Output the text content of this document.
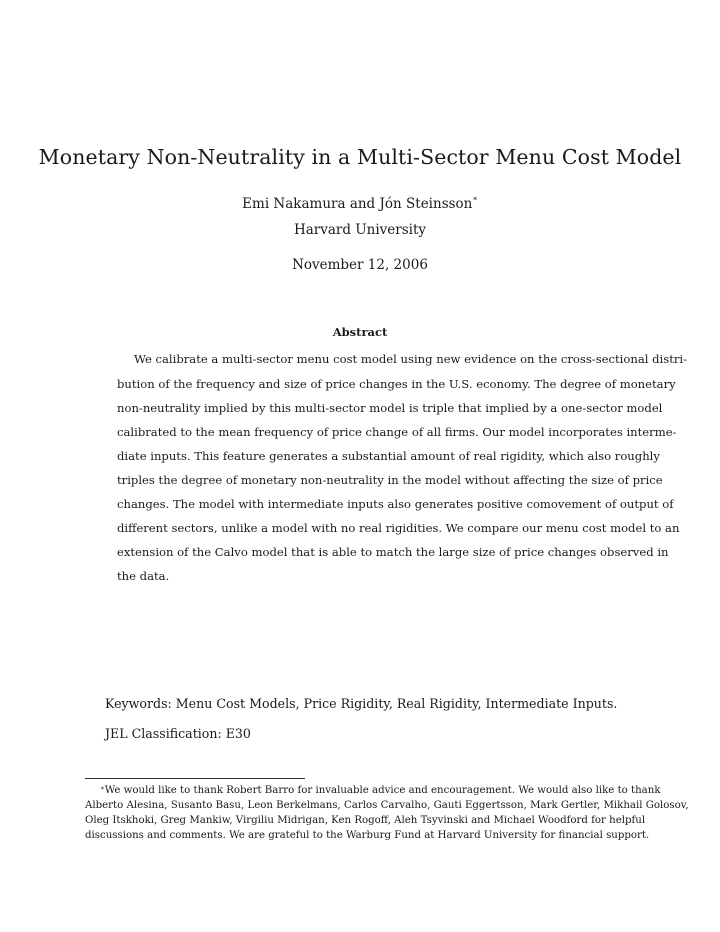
Monetary Non-Neutrality in a Multi-Sector Menu Cost Model
Emi Nakamura and Jón Steinsson∗
Harvard University
November 12, 2006
Abstract
We calibrate a multi-sector menu cost model using new evidence on the cross-sectional distri-
bution of the frequency and size of price changes in the U.S. economy. The degree of monetary
non-neutrality implied by this multi-sector model is triple that implied by a one-sector model
calibrated to the mean frequency of price change of all firms. Our model incorporates interme-
diate inputs. This feature generates a substantial amount of real rigidity, which also roughly
triples the degree of monetary non-neutrality in the model without affecting the size of price
changes. The model with intermediate inputs also generates positive comovement of output of
different sectors, unlike a model with no real rigidities. We compare our menu cost model to an
extension of the Calvo model that is able to match the large size of price changes observed in
the data.
Keywords: Menu Cost Models, Price Rigidity, Real Rigidity, Intermediate Inputs.
JEL Classification: E30
∗We would like to thank Robert Barro for invaluable advice and encouragement. We would also like to thank
Alberto Alesina, Susanto Basu, Leon Berkelmans, Carlos Carvalho, Gauti Eggertsson, Mark Gertler, Mikhail Golosov,
Oleg Itskhoki, Greg Mankiw, Virgiliu Midrigan, Ken Rogoff, Aleh Tsyvinski and Michael Woodford for helpful
discussions and comments. We are grateful to the Warburg Fund at Harvard University for financial support.
